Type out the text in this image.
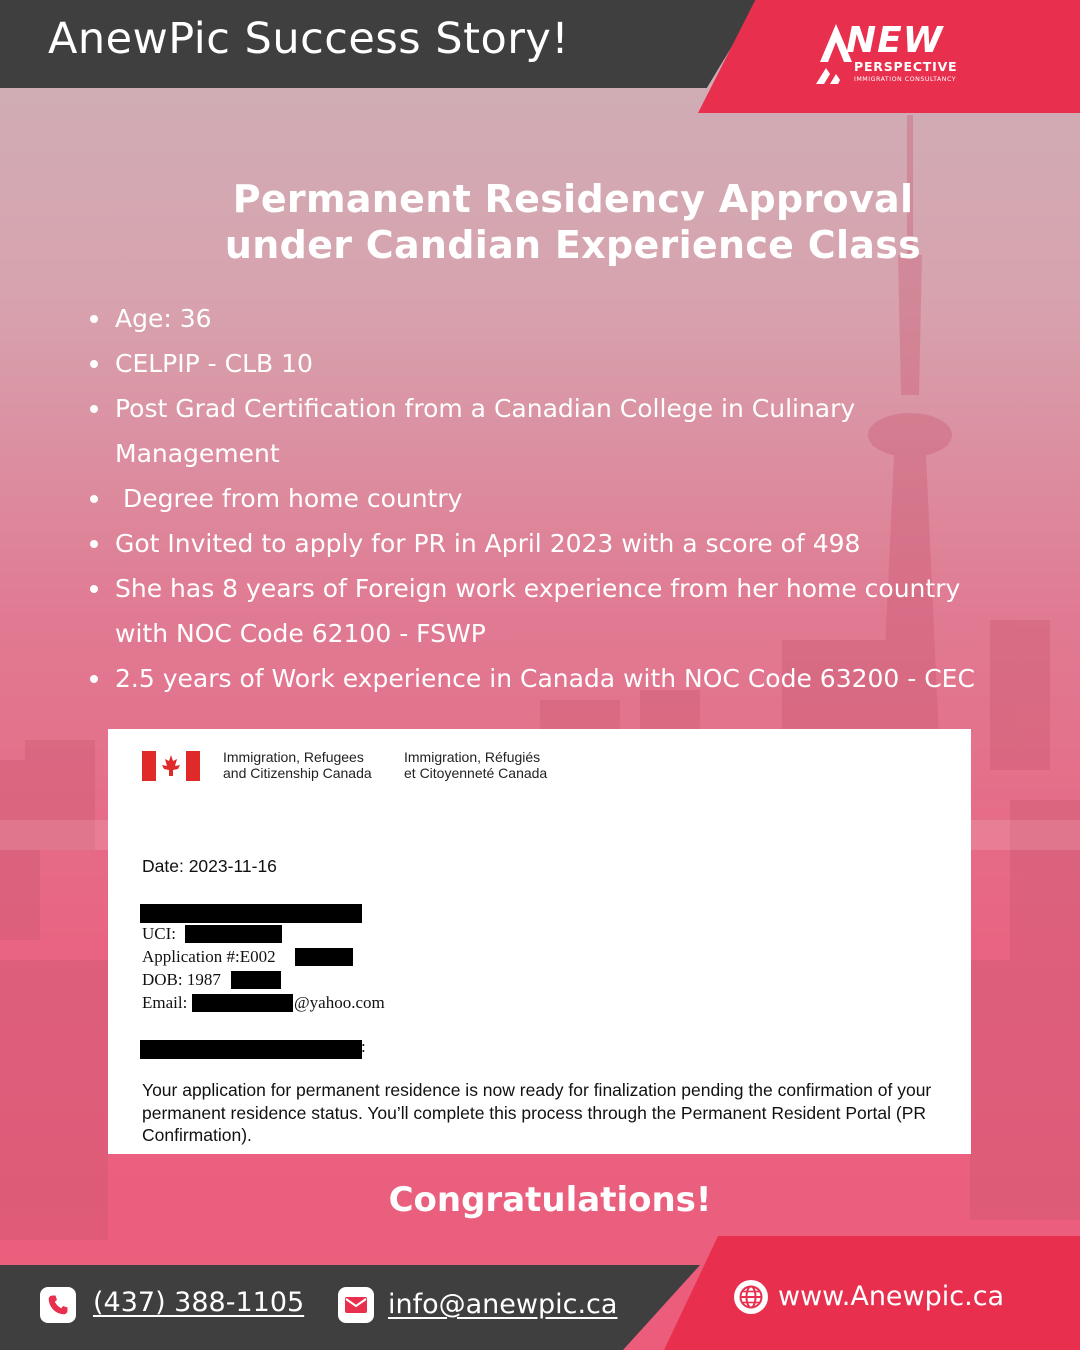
AnewPic Success Story!	NEW
PERSPECTIVE
IMMIGRATION CONSULTANCY
Permanent Residency Approval
under Candian Experience Class
Age: 36
CELPIP - CLB 10
Post Grad Certification from a Canadian College in Culinary Management
Degree from home country
Got Invited to apply for PR in April 2023 with a score of 498
She has 8 years of Foreign work experience from her home country with NOC Code 62100 - FSWP
2.5 years of Work experience in Canada with NOC Code 63200 - CEC
Immigration, Refugees
and Citizenship Canada
Immigration, Réfugiés
et Citoyenneté Canada
Date: 2023-11-16
UCI:
Application #:E002
DOB: 1987
Email:	@yahoo.com
:
Your application for permanent residence is now ready for finalization pending the confirmation of your permanent residence status. You’ll complete this process through the Permanent Resident Portal (PR Confirmation).
Congratulations!
(437) 388-1105	info@anewpic.ca	www.Anewpic.ca
